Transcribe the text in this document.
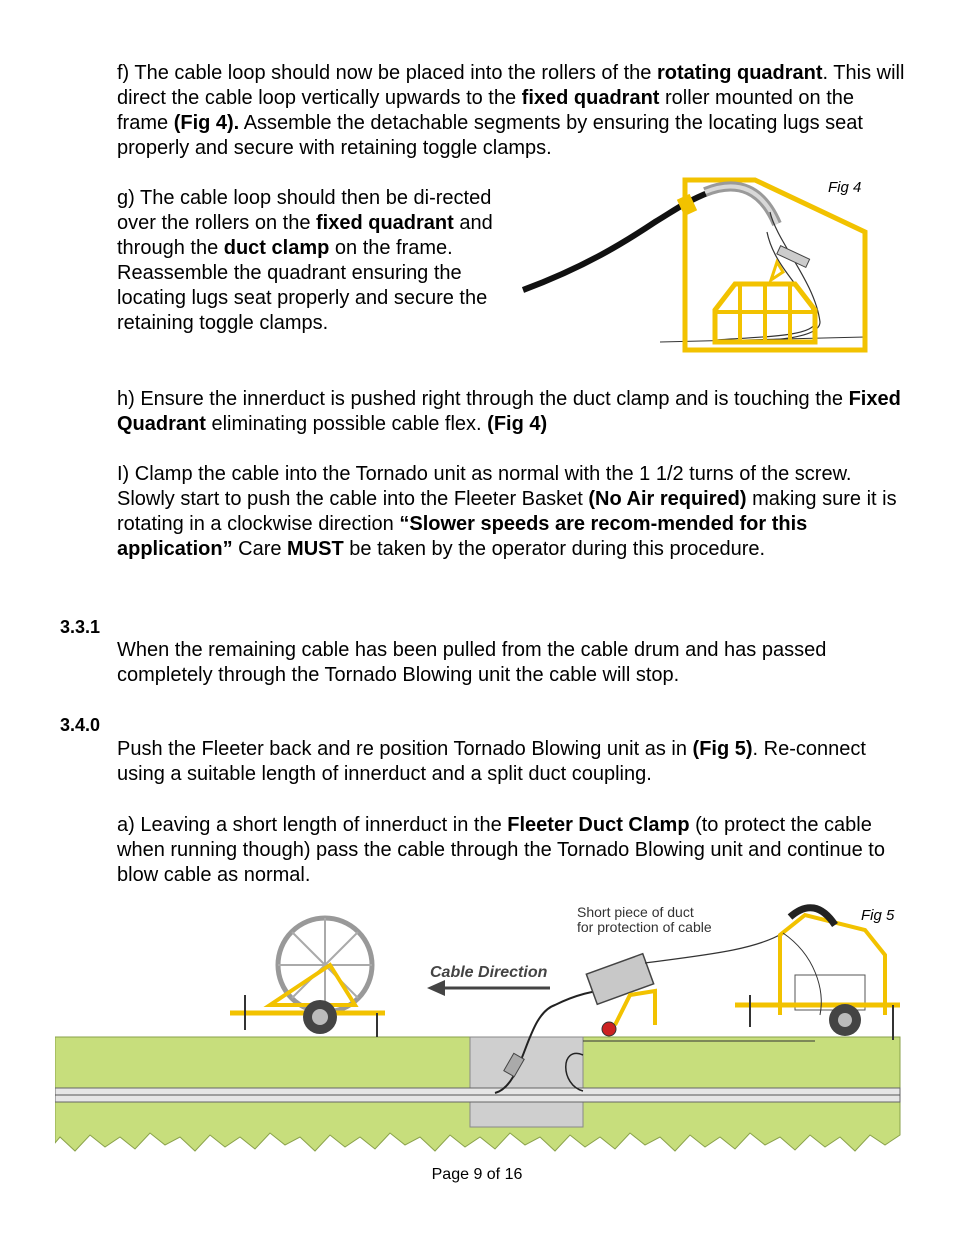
f) The cable loop should now be placed into the rollers of the rotating quadrant. This will direct the cable loop vertically upwards to the fixed quadrant roller mounted on the frame (Fig 4). Assemble the detachable segments by ensuring the locating lugs seat properly and secure with retaining toggle clamps.

g) The cable loop should then be di-rected over the rollers on the fixed quadrant and through the duct clamp on the frame. Reassemble the quadrant ensuring the locating lugs seat properly and secure the retaining toggle clamps.

Fig 4

h) Ensure the innerduct is pushed right through the duct clamp and is touching the Fixed Quadrant eliminating possible cable flex. (Fig 4)

I) Clamp the cable into the Tornado unit as normal with the 1 1/2 turns of the screw. Slowly start to push the cable into the Fleeter Basket (No Air required) making sure it is rotating in a clockwise direction “Slower speeds are recom-mended for this application” Care MUST be taken by the operator during this procedure.

3.3.1

When the remaining cable has been pulled from the cable drum and has passed completely through the Tornado Blowing unit the cable will stop.

3.4.0

Push the Fleeter back and re position Tornado Blowing unit as in (Fig 5). Re-connect using a suitable length of innerduct and a split duct coupling.

a) Leaving a short length of innerduct in the Fleeter Duct Clamp (to protect the cable when running though) pass the cable through the Tornado Blowing unit and continue to blow cable as normal.

Short piece of duct
for protection of cable
Cable Direction
Fig 5
Page 9 of 16
